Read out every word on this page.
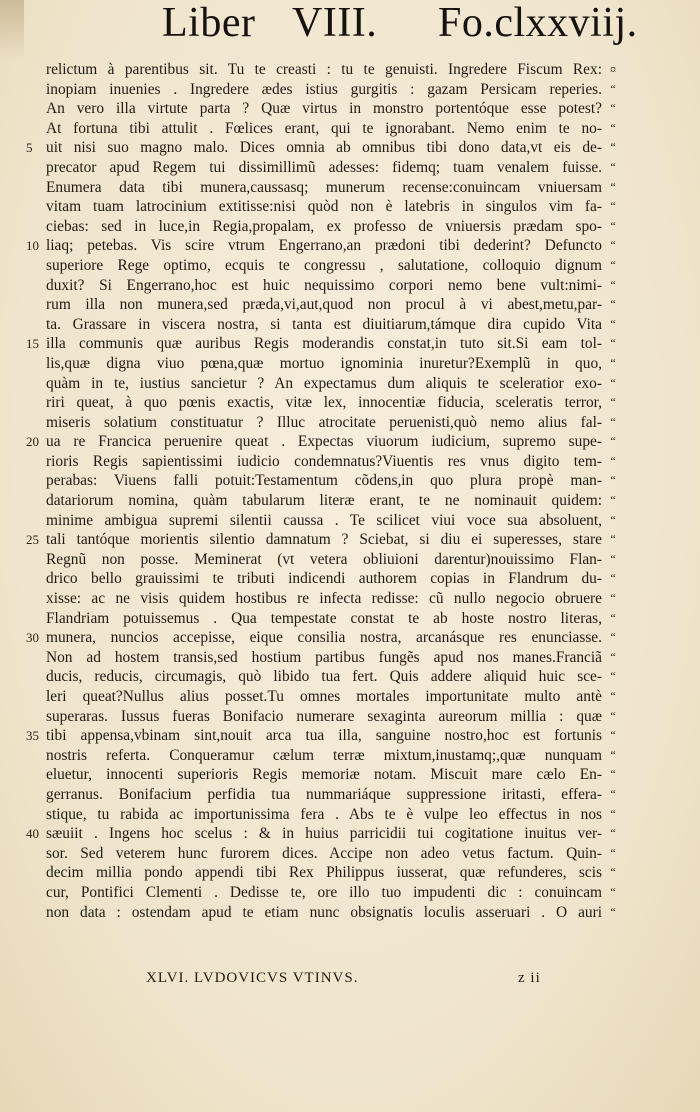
Liber VIII. Fo.clxxviij.
relictum à parentibus sit. Tu te creasti : tu te genuisti. Ingredere Fiscum Rex: ¤
inopiam inuenies . Ingredere ædes istius gurgitis : gazam Persicam reperies. “
An vero illa virtute parta ? Quæ virtus in monstro portentóque esse potest? “
At fortuna tibi attulit . Fœlices erant, qui te ignorabant. Nemo enim te no- “
5 uit nisi suo magno malo. Dices omnia ab omnibus tibi dono data,vt eis de- “
precator apud Regem tui dissimillimũ adesses: fidemq; tuam venalem fuisse. “
Enumera data tibi munera,caussasq; munerum recense:conuincam vniuersam “
vitam tuam latrocinium extitisse:nisi quòd non è latebris in singulos vim fa- “
ciebas: sed in luce,in Regia,propalam, ex professo de vniuersis prædam spo- “
10 liaq; petebas. Vis scire vtrum Engerrano,an prædoni tibi dederint? Defuncto “
superiore Rege optimo, ecquis te congressu , salutatione, colloquio dignum “
duxit? Si Engerrano,hoc est huic nequissimo corpori nemo bene vult:nimi- “
rum illa non munera,sed præda,vi,aut,quod non procul à vi abest,metu,par- “
ta. Grassare in viscera nostra, si tanta est diuitiarum,támque dira cupido Vita “
15 illa communis quæ auribus Regis moderandis constat,in tuto sit.Si eam tol- “
lis,quæ digna viuo pœna,quæ mortuo ignominia inuretur?Exemplũ in quo, “
quàm in te, iustius sancietur ? An expectamus dum aliquis te sceleratior exo- “
riri queat, à quo pœnis exactis, vitæ lex, innocentiæ fiducia, sceleratis terror, “
miseris solatium constituatur ? Illuc atrocitate peruenisti,quò nemo alius fal- “
20 ua re Francica peruenire queat . Expectas viuorum iudicium, supremo supe- “
rioris Regis sapientissimi iudicio condemnatus?Viuentis res vnus digito tem- “
perabas: Viuens falli potuit:Testamentum cõdens,in quo plura propè man- “
datariorum nomina, quàm tabularum literæ erant, te ne nominauit quidem: “
minime ambigua supremi silentii caussa . Te scilicet viui voce sua absoluent, “
25 tali tantóque morientis silentio damnatum ? Sciebat, si diu ei superesses, stare “
Regnũ non posse. Meminerat (vt vetera obliuioni darentur)nouissimo Flan- “
drico bello grauissimi te tributi indicendi authorem copias in Flandrum du- “
xisse: ac ne visis quidem hostibus re infecta redisse: cũ nullo negocio obruere “
Flandriam potuissemus . Qua tempestate constat te ab hoste nostro literas, “
30 munera, nuncios accepisse, eique consilia nostra, arcanásque res enunciasse. “
Non ad hostem transis,sed hostium partibus fungẽs apud nos manes.Franciã “
ducis, reducis, circumagis, quò libido tua fert. Quis addere aliquid huic sce- “
leri queat?Nullus alius posset.Tu omnes mortales importunitate multo antè “
superaras. Iussus fueras Bonifacio numerare sexaginta aureorum millia : quæ “
35 tibi appensa,vbinam sint,nouit arca tua illa, sanguine nostro,hoc est fortunis “
nostris referta. Conqueramur cælum terræ mixtum,inustamq;,quæ nunquam “
eluetur, innocenti superioris Regis memoriæ notam. Miscuit mare cælo En- “
gerranus. Bonifacium perfidia tua nummariáque suppressione iritasti, effera- “
stique, tu rabida ac importunissima fera . Abs te è vulpe leo effectus in nos “
40 sæuiit . Ingens hoc scelus : & in huius parricidii tui cogitatione inuitus ver- “
sor. Sed veterem hunc furorem dices. Accipe non adeo vetus factum. Quin- “
decim millia pondo appendi tibi Rex Philippus iusserat, quæ refunderes, scis “
cur, Pontifici Clementi . Dedisse te, ore illo tuo impudenti dic : conuincam “
non data : ostendam apud te etiam nunc obsignatis loculis asseruari . O auri “
XLVI. LVDOVICVS VTINVS.	z ii
